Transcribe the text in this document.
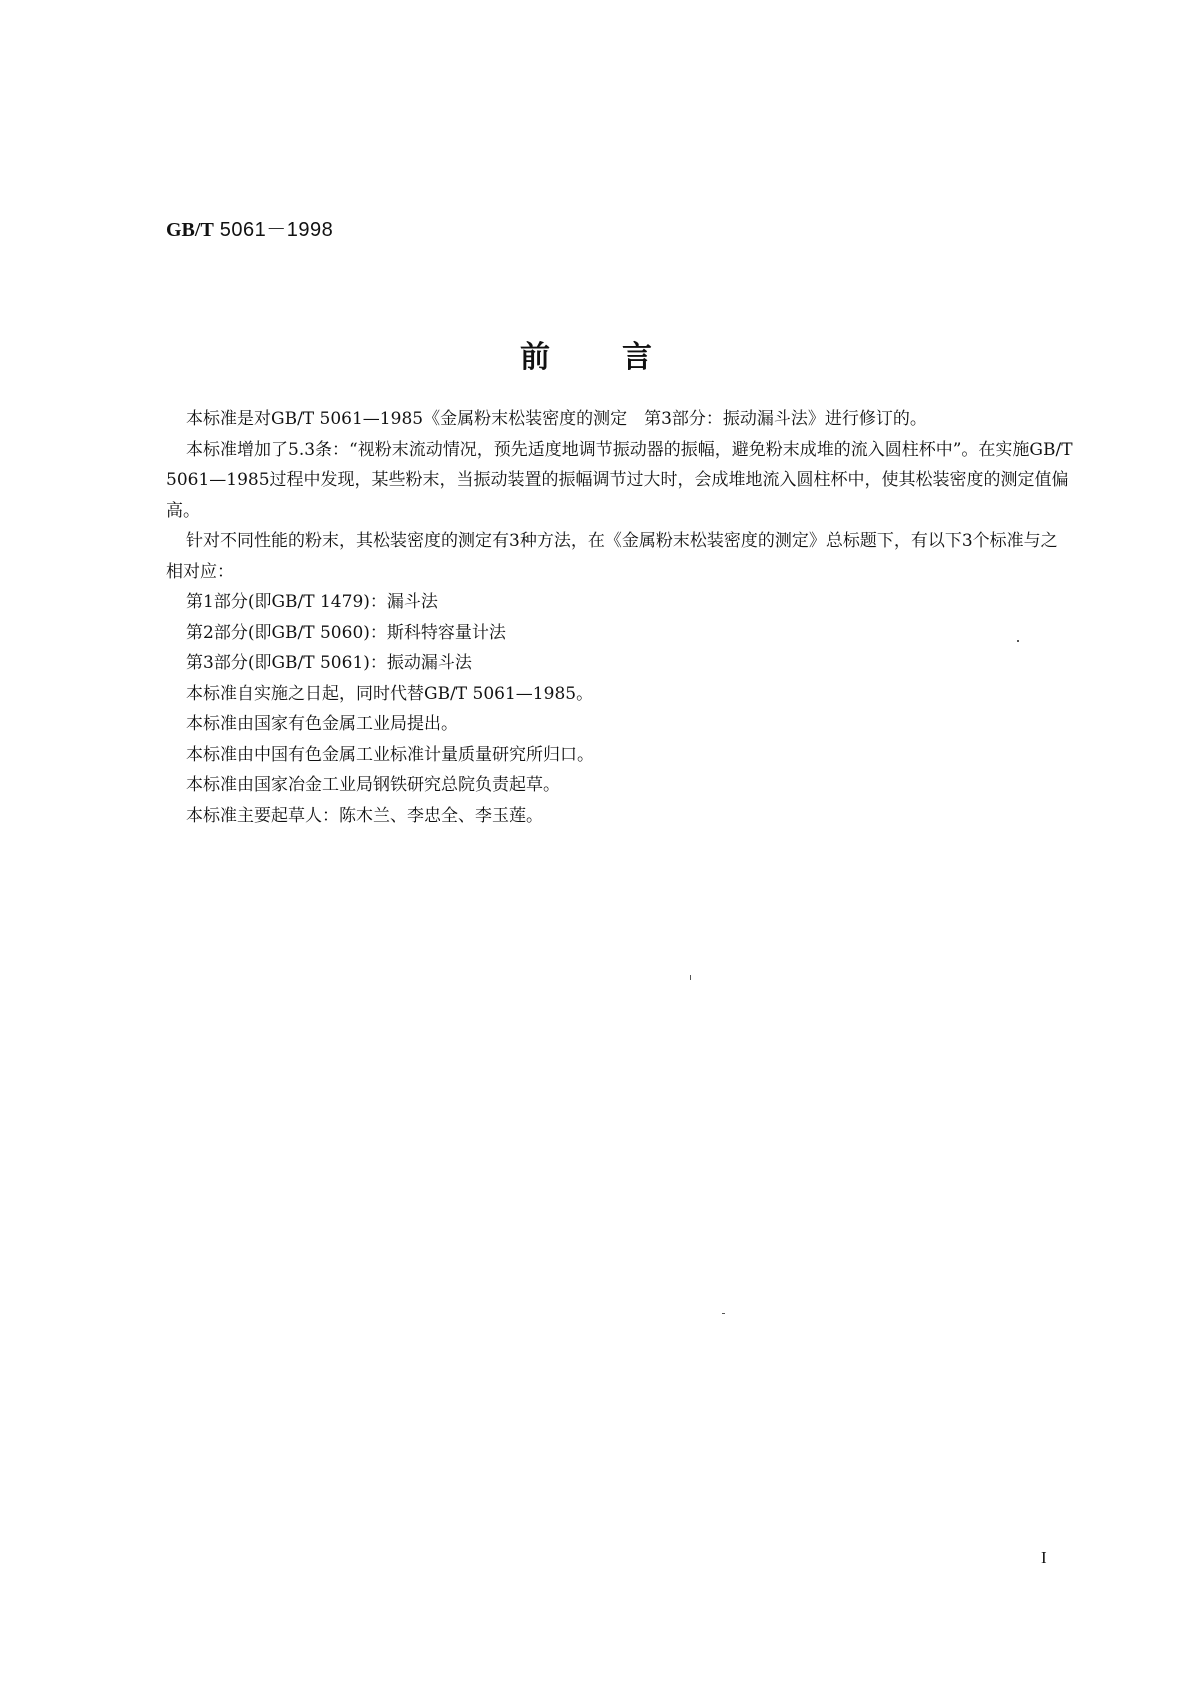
GB/T 5061－1998
前言

本标准是对GB/T 5061—1985《金属粉末松装密度的测定　第3部分：振动漏斗法》进行修订的。

本标准增加了5.3条：“视粉末流动情况，预先适度地调节振动器的振幅，避免粉末成堆的流入圆柱杯中”。在实施GB/T 5061—1985过程中发现，某些粉末，当振动装置的振幅调节过大时，会成堆地流入圆柱杯中，使其松装密度的测定值偏高。

针对不同性能的粉末，其松装密度的测定有3种方法，在《金属粉末松装密度的测定》总标题下，有以下3个标准与之相对应：

第1部分(即GB/T 1479)：漏斗法

第2部分(即GB/T 5060)：斯科特容量计法

第3部分(即GB/T 5061)：振动漏斗法

本标准自实施之日起，同时代替GB/T 5061—1985。

本标准由国家有色金属工业局提出。

本标准由中国有色金属工业标准计量质量研究所归口。

本标准由国家冶金工业局钢铁研究总院负责起草。

本标准主要起草人：陈木兰、李忠全、李玉莲。

I
